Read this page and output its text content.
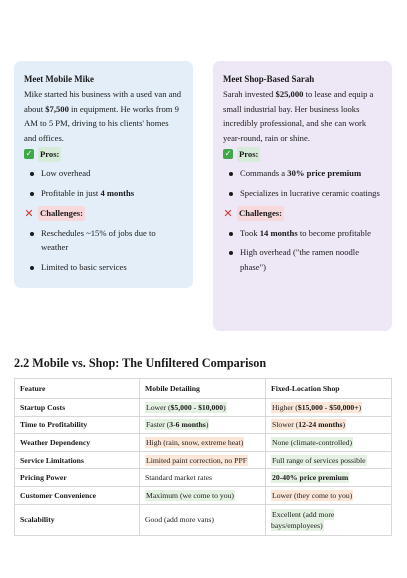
Meet Mobile Mike

Mike started his business with a used van and about $7,500 in equipment. He works from 9 AM to 5 PM, driving to his clients' homes and offices.

✓ Pros:
Low overhead
Profitable in just 4 months
✕ Challenges:
Reschedules ~15% of jobs due to weather
Limited to basic services
Meet Shop-Based Sarah

Sarah invested $25,000 to lease and equip a small industrial bay. Her business looks incredibly professional, and she can work year-round, rain or shine.

✓ Pros:
Commands a 30% price premium
Specializes in lucrative ceramic coatings
✕ Challenges:
Took 14 months to become profitable
High overhead ("the ramen noodle phase")
2.2 Mobile vs. Shop: The Unfiltered Comparison
Feature	Mobile Detailing	Fixed-Location Shop
Startup Costs	Lower ($5,000 - $10,000)	Higher ($15,000 - $50,000+)
Time to Profitability	Faster (3-6 months)	Slower (12-24 months)
Weather Dependency	High (rain, snow, extreme heat)	None (climate-controlled)
Service Limitations	Limited paint correction, no PPF	Full range of services possible
Pricing Power	Standard market rates	20-40% price premium
Customer Convenience	Maximum (we come to you)	Lower (they come to you)
Scalability	Good (add more vans)	Excellent (add more bays/employees)
